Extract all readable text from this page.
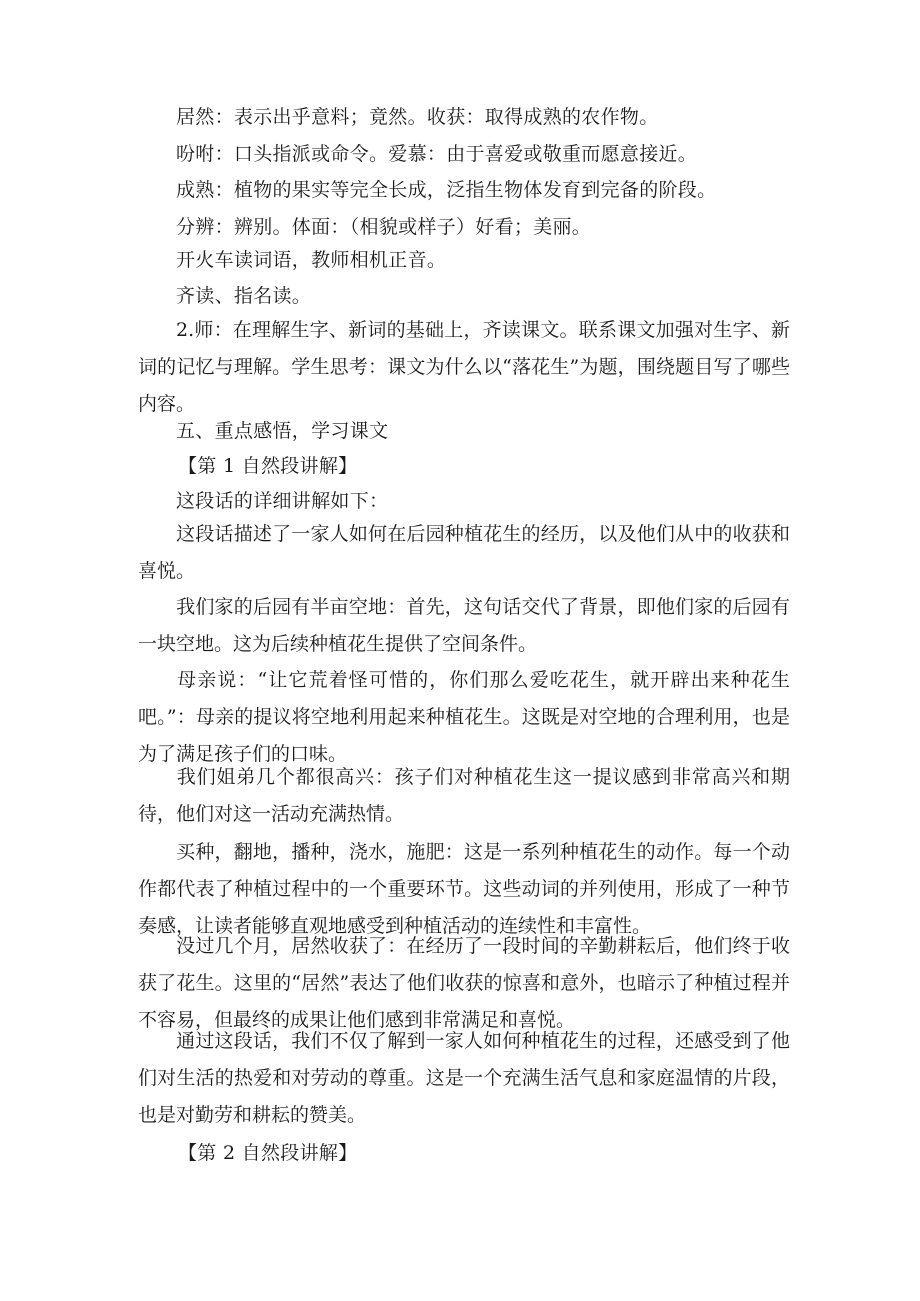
居然：表示出乎意料；竟然。收获：取得成熟的农作物。
吩咐：口头指派或命令。爱慕：由于喜爱或敬重而愿意接近。
成熟：植物的果实等完全长成，泛指生物体发育到完备的阶段。
分辨：辨别。体面：（相貌或样子）好看；美丽。
开火车读词语，教师相机正音。
齐读、指名读。
2.师：在理解生字、新词的基础上，齐读课文。联系课文加强对生字、新词的记忆与理解。学生思考：课文为什么以“落花生”为题，围绕题目写了哪些内容。
五、重点感悟，学习课文
【第 1 自然段讲解】
这段话的详细讲解如下：
这段话描述了一家人如何在后园种植花生的经历，以及他们从中的收获和喜悦。
我们家的后园有半亩空地：首先，这句话交代了背景，即他们家的后园有一块空地。这为后续种植花生提供了空间条件。
母亲说：“让它荒着怪可惜的，你们那么爱吃花生，就开辟出来种花生吧。”：母亲的提议将空地利用起来种植花生。这既是对空地的合理利用，也是为了满足孩子们的口味。
我们姐弟几个都很高兴：孩子们对种植花生这一提议感到非常高兴和期待，他们对这一活动充满热情。
买种，翻地，播种，浇水，施肥：这是一系列种植花生的动作。每一个动作都代表了种植过程中的一个重要环节。这些动词的并列使用，形成了一种节奏感，让读者能够直观地感受到种植活动的连续性和丰富性。
没过几个月，居然收获了：在经历了一段时间的辛勤耕耘后，他们终于收获了花生。这里的“居然”表达了他们收获的惊喜和意外，也暗示了种植过程并不容易，但最终的成果让他们感到非常满足和喜悦。
通过这段话，我们不仅了解到一家人如何种植花生的过程，还感受到了他们对生活的热爱和对劳动的尊重。这是一个充满生活气息和家庭温情的片段，也是对勤劳和耕耘的赞美。
【第 2 自然段讲解】
